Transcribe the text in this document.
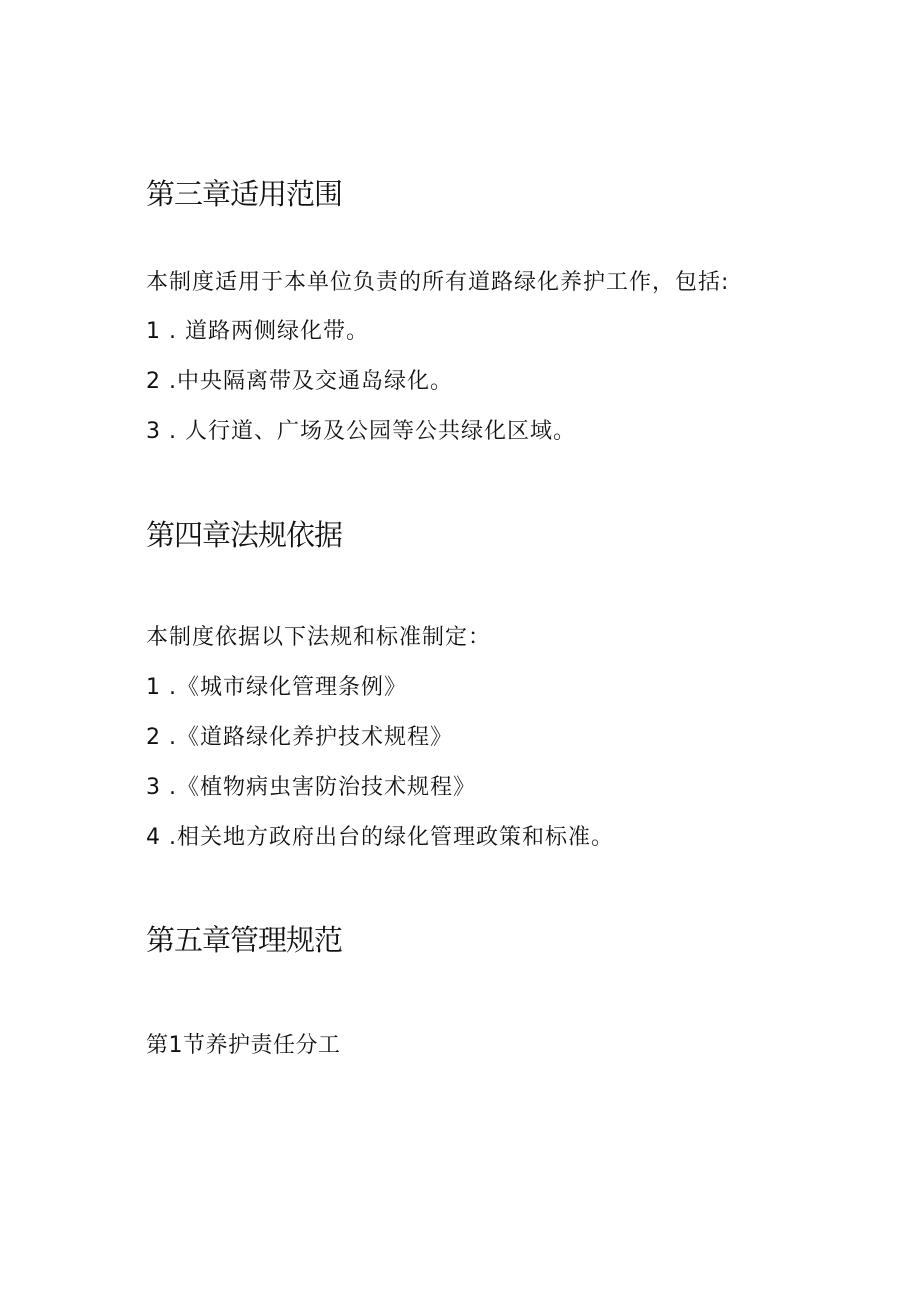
第三章适用范围

本制度适用于本单位负责的所有道路绿化养护工作，包括:

1 . 道路两侧绿化带。

2 .中央隔离带及交通岛绿化。

3 . 人行道、广场及公园等公共绿化区域。

第四章法规依据

本制度依据以下法规和标准制定：

1 .《城市绿化管理条例》

2 .《道路绿化养护技术规程》

3 .《植物病虫害防治技术规程》

4 .相关地方政府出台的绿化管理政策和标准。

第五章管理规范

第1节养护责任分工
